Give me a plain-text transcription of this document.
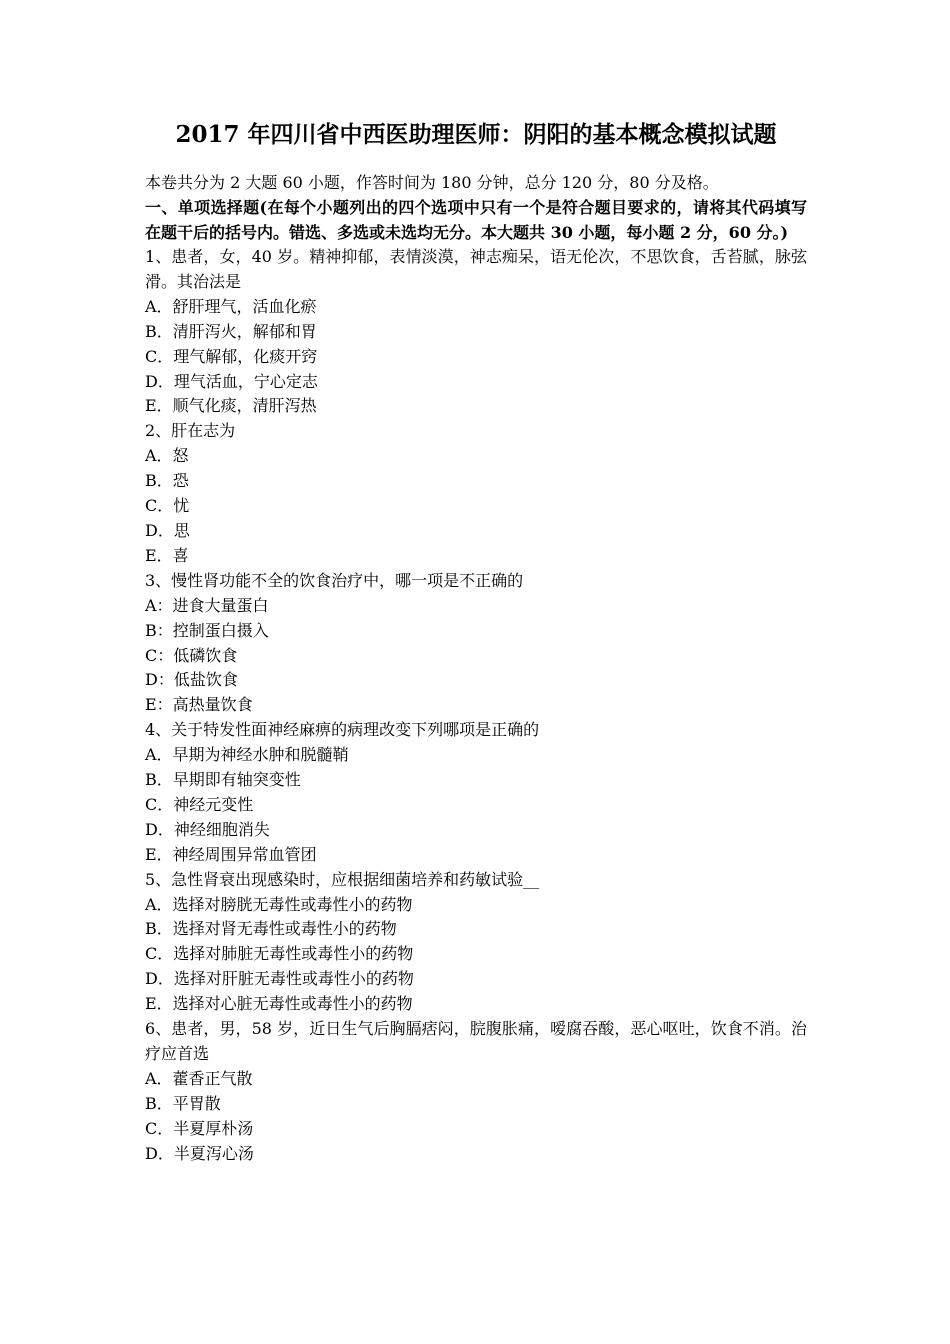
2017 年四川省中西医助理医师：阴阳的基本概念模拟试题

本卷共分为 2 大题 60 小题，作答时间为 180 分钟，总分 120 分，80 分及格。

一、单项选择题(在每个小题列出的四个选项中只有一个是符合题目要求的，请将其代码填写在题干后的括号内。错选、多选或未选均无分。本大题共 30 小题，每小题 2 分，60 分。)

1、患者，女，40 岁。精神抑郁，表情淡漠，神志痴呆，语无伦次，不思饮食，舌苔腻，脉弦滑。其治法是

A．舒肝理气，活血化瘀

B．清肝泻火，解郁和胃

C．理气解郁，化痰开窍

D．理气活血，宁心定志

E．顺气化痰，清肝泻热

2、肝在志为

A．怒

B．恐

C．忧

D．思

E．喜

3、慢性肾功能不全的饮食治疗中，哪一项是不正确的

A：进食大量蛋白

B：控制蛋白摄入

C：低磷饮食

D：低盐饮食

E：高热量饮食

4、关于特发性面神经麻痹的病理改变下列哪项是正确的

A．早期为神经水肿和脱髓鞘

B．早期即有轴突变性

C．神经元变性

D．神经细胞消失

E．神经周围异常血管团

5、急性肾衰出现感染时，应根据细菌培养和药敏试验__

A．选择对膀胱无毒性或毒性小的药物

B．选择对肾无毒性或毒性小的药物

C．选择对肺脏无毒性或毒性小的药物

D．选择对肝脏无毒性或毒性小的药物

E．选择对心脏无毒性或毒性小的药物

6、患者，男，58 岁，近日生气后胸膈痞闷，脘腹胀痛，嗳腐吞酸，恶心呕吐，饮食不消。治疗应首选

A．藿香正气散

B．平胃散

C．半夏厚朴汤

D．半夏泻心汤
